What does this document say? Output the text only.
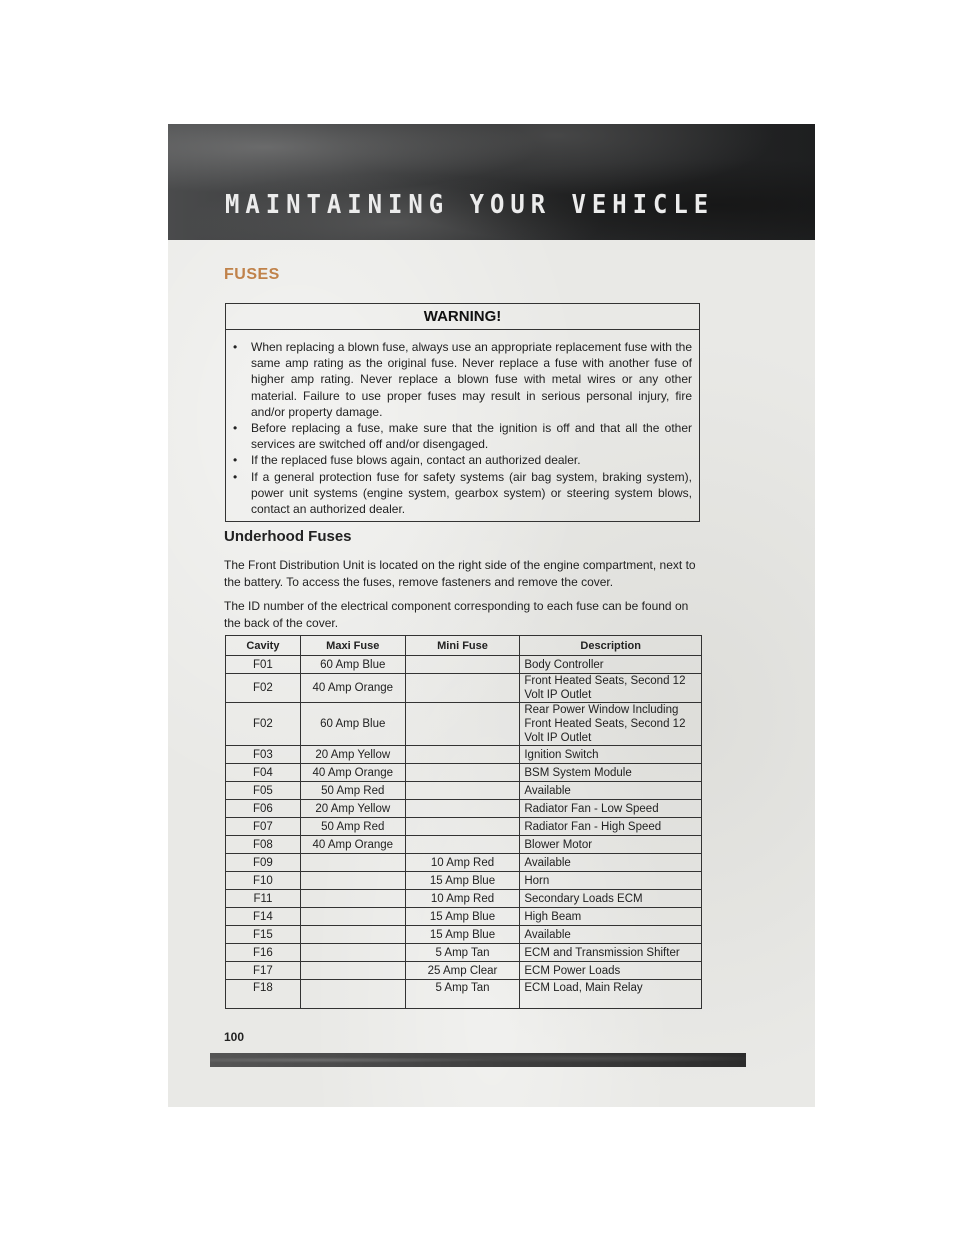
MAINTAINING YOUR VEHICLE
FUSES
WARNING!
• When replacing a blown fuse, always use an appropriate replacement fuse with the same amp rating as the original fuse. Never replace a fuse with another fuse of higher amp rating. Never replace a blown fuse with metal wires or any other material. Failure to use proper fuses may result in serious personal injury, fire and/or property damage.
• Before replacing a fuse, make sure that the ignition is off and that all the other services are switched off and/or disengaged.
• If the replaced fuse blows again, contact an authorized dealer.
• If a general protection fuse for safety systems (air bag system, braking system), power unit systems (engine system, gearbox system) or steering system blows, contact an authorized dealer.
Underhood Fuses

The Front Distribution Unit is located on the right side of the engine compartment, next to the battery. To access the fuses, remove fasteners and remove the cover.

The ID number of the electrical component corresponding to each fuse can be found on the back of the cover.

Cavity	Maxi Fuse	Mini Fuse	Description
F01	60 Amp Blue		Body Controller
F02	40 Amp Orange		Front Heated Seats, Second 12 Volt IP Outlet
F02	60 Amp Blue		Rear Power Window Including Front Heated Seats, Second 12 Volt IP Outlet
F03	20 Amp Yellow		Ignition Switch
F04	40 Amp Orange		BSM System Module
F05	50 Amp Red		Available
F06	20 Amp Yellow		Radiator Fan - Low Speed
F07	50 Amp Red		Radiator Fan - High Speed
F08	40 Amp Orange		Blower Motor
F09		10 Amp Red	Available
F10		15 Amp Blue	Horn
F11		10 Amp Red	Secondary Loads ECM
F14		15 Amp Blue	High Beam
F15		15 Amp Blue	Available
F16		5 Amp Tan	ECM and Transmission Shifter
F17		25 Amp Clear	ECM Power Loads
F18		5 Amp Tan	ECM Load, Main Relay
100
